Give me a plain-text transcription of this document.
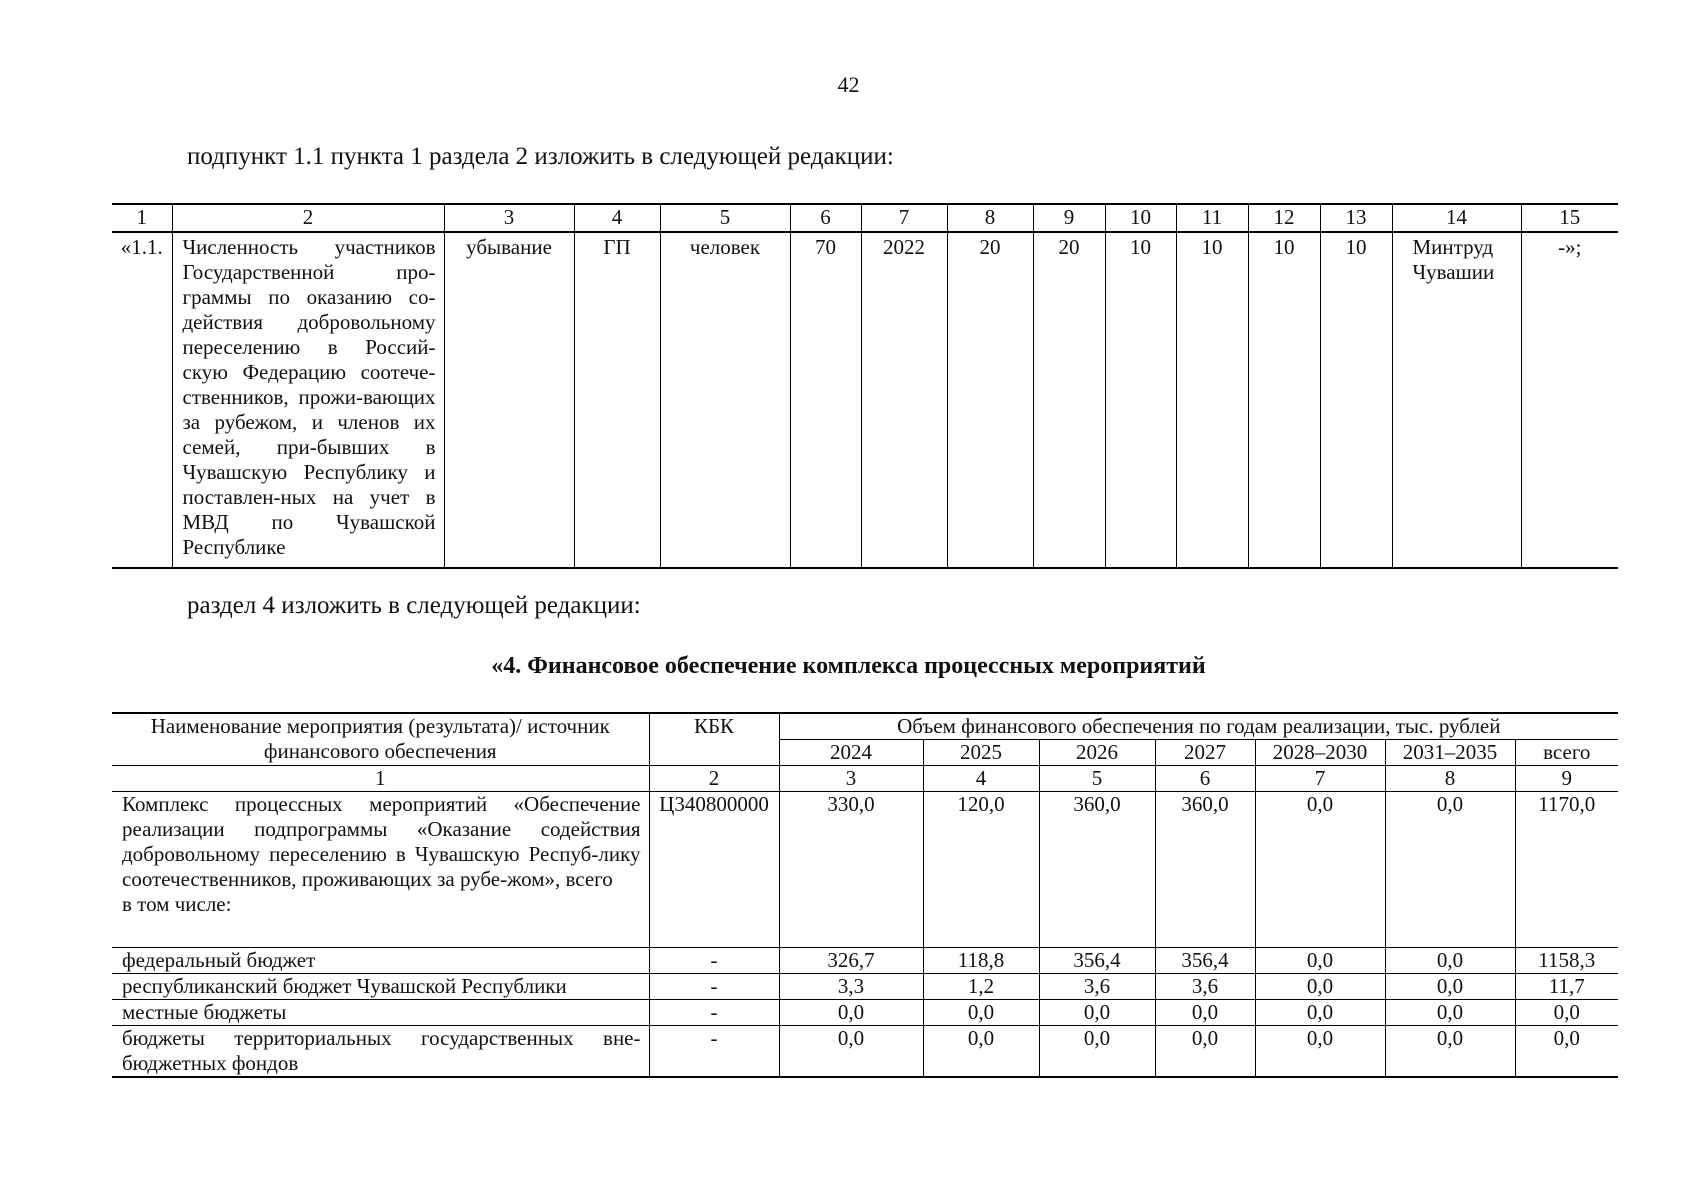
42
подпункт 1.1 пункта 1 раздела 2 изложить в следующей редакции:
1	2	3	4	5	6	7	8	9	10	11	12	13	14	15
«1.1.	Численность участников Государственной про-граммы по оказанию со-действия добровольному переселению в Россий-скую Федерацию соотече-ственников, прожи-вающих за рубежом, и членов их семей, при-бывших в Чувашскую Республику и поставлен-ных на учет в МВД по Чувашской Республике	убывание	ГП	человек	70	2022	20	20	10	10	10	10	Минтруд Чувашии	-»;
раздел 4 изложить в следующей редакции:
«4. Финансовое обеспечение комплекса процессных мероприятий
Наименование мероприятия (результата)/ источник финансового обеспечения	КБК	Объем финансового обеспечения по годам реализации, тыс. рублей						
		2024	2025	2026	2027	2028–2030	2031–2035	всего
1	2	3	4	5	6	7	8	9

Комплекс процессных мероприятий «Обеспечение реализации подпрограммы «Оказание содействия добровольному переселению в Чувашскую Респуб-лику соотечественников, проживающих за рубе-жом», всего
в том числе:	Ц340800000	330,0	120,0	360,0	360,0	0,0	0,0	1170,0
федеральный бюджет	-	326,7	118,8	356,4	356,4	0,0	0,0	1158,3
республиканский бюджет Чувашской Республики	-	3,3	1,2	3,6	3,6	0,0	0,0	11,7
местные бюджеты	-	0,0	0,0	0,0	0,0	0,0	0,0	0,0
бюджеты территориальных государственных вне-бюджетных фондов	-	0,0	0,0	0,0	0,0	0,0	0,0	0,0
